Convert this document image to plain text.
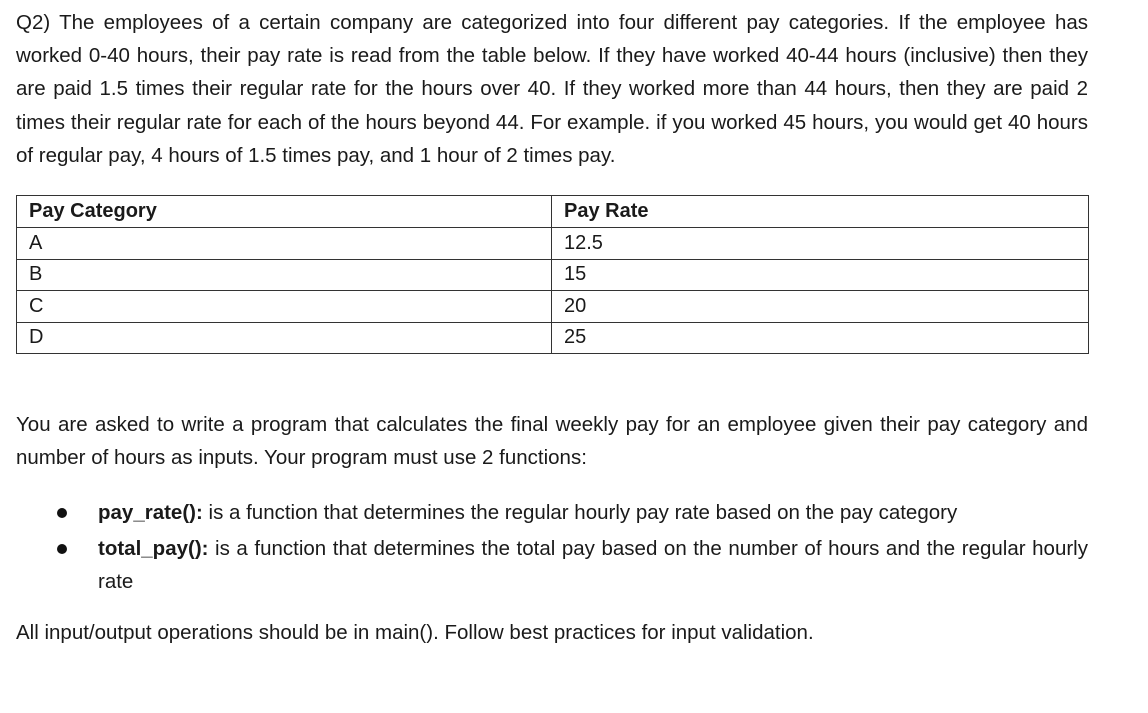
Q2) The employees of a certain company are categorized into four different pay categories. If the employee has worked 0-40 hours, their pay rate is read from the table below. If they have worked 40-44 hours (inclusive) then they are paid 1.5 times their regular rate for the hours over 40. If they worked more than 44 hours, then they are paid 2 times their regular rate for each of the hours beyond 44. For example. if you worked 45 hours, you would get 40 hours of regular pay, 4 hours of 1.5 times pay, and 1 hour of 2 times pay.

Pay Category	Pay Rate
A	12.5
B	15
C	20
D	25

You are asked to write a program that calculates the final weekly pay for an employee given their pay category and number of hours as inputs. Your program must use 2 functions:

pay_rate(): is a function that determines the regular hourly pay rate based on the pay category
total_pay(): is a function that determines the total pay based on the number of hours and the regular hourly rate

All input/output operations should be in main(). Follow best practices for input validation.
